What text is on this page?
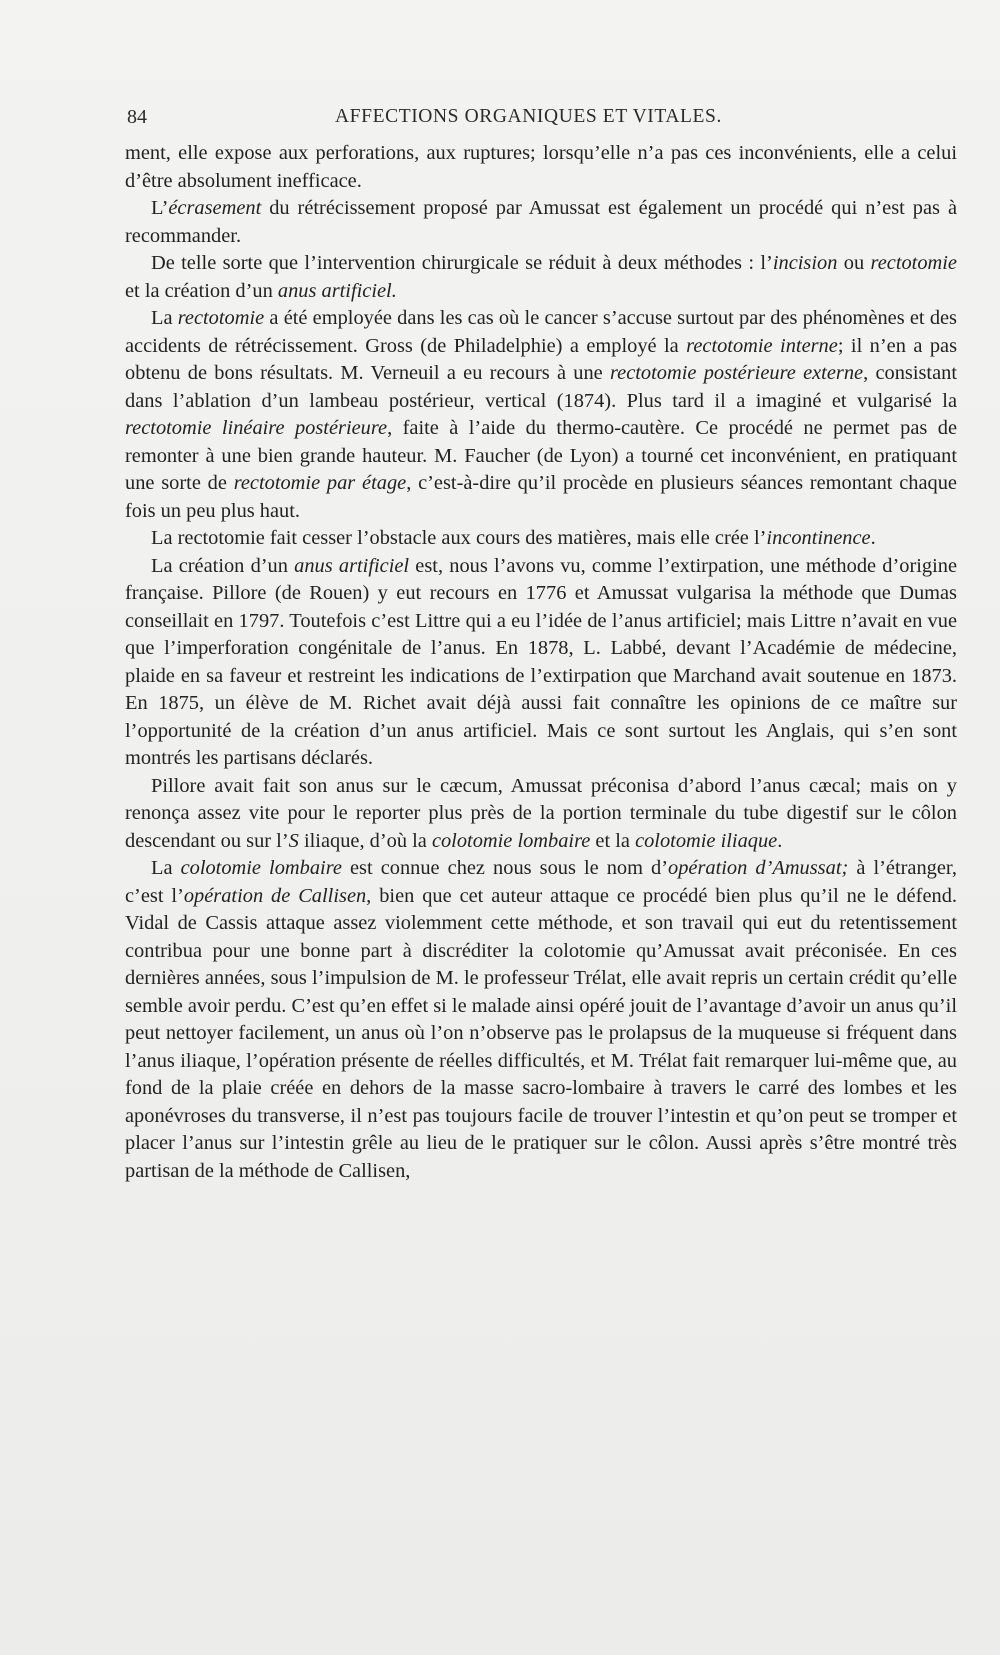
84	AFFECTIONS ORGANIQUES ET VITALES.

ment, elle expose aux perforations, aux ruptures; lorsqu’elle n’a pas ces inconvénients, elle a celui d’être absolument inefficace.

L’écrasement du rétrécissement proposé par Amussat est également un procédé qui n’est pas à recommander.

De telle sorte que l’intervention chirurgicale se réduit à deux méthodes : l’incision ou rectotomie et la création d’un anus artificiel.

La rectotomie a été employée dans les cas où le cancer s’accuse surtout par des phénomènes et des accidents de rétrécissement. Gross (de Philadelphie) a employé la rectotomie interne; il n’en a pas obtenu de bons résultats. M. Verneuil a eu recours à une rectotomie postérieure externe, consistant dans l’ablation d’un lambeau postérieur, vertical (1874). Plus tard il a imaginé et vulgarisé la rectotomie linéaire postérieure, faite à l’aide du thermo-cautère. Ce procédé ne permet pas de remonter à une bien grande hauteur. M. Faucher (de Lyon) a tourné cet inconvénient, en pratiquant une sorte de rectotomie par étage, c’est-à-dire qu’il procède en plusieurs séances remontant chaque fois un peu plus haut.

La rectotomie fait cesser l’obstacle aux cours des matières, mais elle crée l’incontinence.

La création d’un anus artificiel est, nous l’avons vu, comme l’extirpation, une méthode d’origine française. Pillore (de Rouen) y eut recours en 1776 et Amussat vulgarisa la méthode que Dumas conseillait en 1797. Toutefois c’est Littre qui a eu l’idée de l’anus artificiel; mais Littre n’avait en vue que l’imperforation congénitale de l’anus. En 1878, L. Labbé, devant l’Académie de médecine, plaide en sa faveur et restreint les indications de l’extirpation que Marchand avait soutenue en 1873. En 1875, un élève de M. Richet avait déjà aussi fait connaître les opinions de ce maître sur l’opportunité de la création d’un anus artificiel. Mais ce sont surtout les Anglais, qui s’en sont montrés les partisans déclarés.

Pillore avait fait son anus sur le cæcum, Amussat préconisa d’abord l’anus cæcal; mais on y renonça assez vite pour le reporter plus près de la portion terminale du tube digestif sur le côlon descendant ou sur l’S iliaque, d’où la colotomie lombaire et la colotomie iliaque.

La colotomie lombaire est connue chez nous sous le nom d’opération d’Amussat; à l’étranger, c’est l’opération de Callisen, bien que cet auteur attaque ce procédé bien plus qu’il ne le défend. Vidal de Cassis attaque assez violemment cette méthode, et son travail qui eut du retentissement contribua pour une bonne part à discréditer la colotomie qu’Amussat avait préconisée. En ces dernières années, sous l’impulsion de M. le professeur Trélat, elle avait repris un certain crédit qu’elle semble avoir perdu. C’est qu’en effet si le malade ainsi opéré jouit de l’avantage d’avoir un anus qu’il peut nettoyer facilement, un anus où l’on n’observe pas le prolapsus de la muqueuse si fréquent dans l’anus iliaque, l’opération présente de réelles difficultés, et M. Trélat fait remarquer lui-même que, au fond de la plaie créée en dehors de la masse sacro-lombaire à travers le carré des lombes et les aponévroses du transverse, il n’est pas toujours facile de trouver l’intestin et qu’on peut se tromper et placer l’anus sur l’intestin grêle au lieu de le pratiquer sur le côlon. Aussi après s’être montré très partisan de la méthode de Callisen,
